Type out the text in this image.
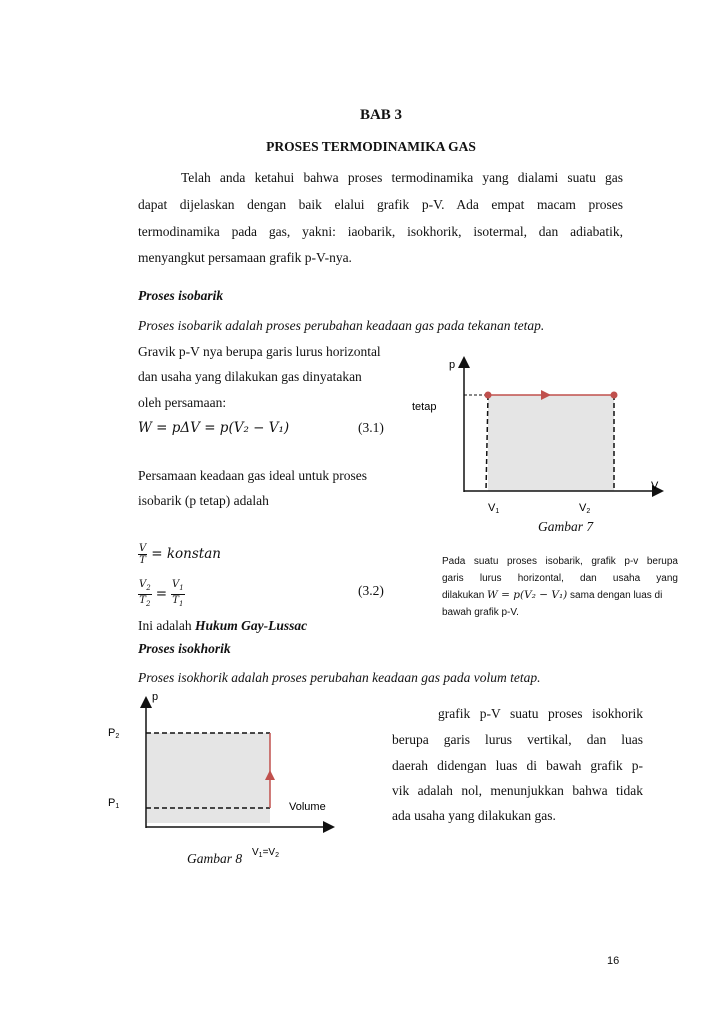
BAB 3
PROSES TERMODINAMIKA GAS
Telah anda ketahui bahwa proses termodinamika yang dialami suatu gas
dapat dijelaskan dengan baik elalui grafik p-V. Ada empat macam proses
termodinamika pada gas, yakni: iaobarik, isokhorik, isotermal, dan adiabatik,
menyangkut persamaan grafik p-V-nya.
Proses isobarik
Proses isobarik adalah proses perubahan keadaan gas pada tekanan tetap.
Gravik p-V nya berupa garis lurus horizontal
dan usaha yang dilakukan gas dinyatakan
oleh persamaan:
W = pΔV = p(V₂ − V₁)	(3.1)
Persamaan keadaan gas ideal untuk proses
isobarik (p tetap) adalah
$\frac{V}{T}$ = konstan
$\frac{V_2}{T_2} = \frac{V_1}{T_1}$	(3.2)
Ini adalah Hukum Gay-Lussac
p
tetap
V
V1	V2
Gambar 7
Pada suatu proses isobarik, grafik p-v berupa
garis lurus horizontal, dan usaha yang
dilakukan W = p(V₂ − V₁) sama dengan luas di
bawah grafik p-V.
Proses isokhorik
Proses isokhorik adalah proses perubahan keadaan gas pada volum tetap.
p
P2
P1	Volume
$V_1=V_2$
Gambar 8
grafik p-V suatu proses isokhorik
berupa garis lurus vertikal, dan luas
daerah didengan luas di bawah grafik p-
vik adalah nol, menunjukkan bahwa tidak
ada usaha yang dilakukan gas.
16
